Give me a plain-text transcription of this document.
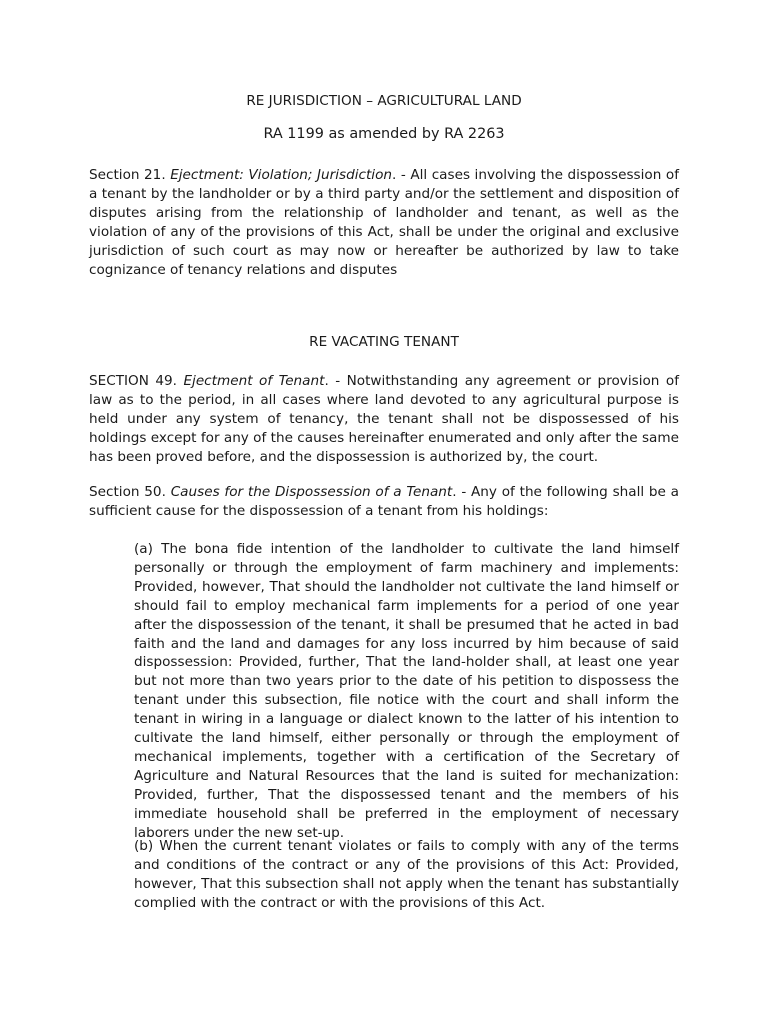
RE JURISDICTION – AGRICULTURAL LAND
RA 1199 as amended by RA 2263

Section 21. Ejectment: Violation; Jurisdiction. - All cases involving the dispossession of a tenant by the landholder or by a third party and/or the settlement and disposition of disputes arising from the relationship of landholder and tenant, as well as the violation of any of the provisions of this Act, shall be under the original and exclusive jurisdiction of such court as may now or hereafter be authorized by law to take cognizance of tenancy relations and disputes

RE VACATING TENANT

SECTION 49. Ejectment of Tenant. - Notwithstanding any agreement or provision of law as to the period, in all cases where land devoted to any agricultural purpose is held under any system of tenancy, the tenant shall not be dispossessed of his holdings except for any of the causes hereinafter enumerated and only after the same has been proved before, and the dispossession is authorized by, the court.

Section 50. Causes for the Dispossession of a Tenant. - Any of the following shall be a sufficient cause for the dispossession of a tenant from his holdings:

(a) The bona fide intention of the landholder to cultivate the land himself personally or through the employment of farm machinery and implements: Provided, however, That should the landholder not cultivate the land himself or should fail to employ mechanical farm implements for a period of one year after the dispossession of the tenant, it shall be presumed that he acted in bad faith and the land and damages for any loss incurred by him because of said dispossession: Provided, further, That the land-holder shall, at least one year but not more than two years prior to the date of his petition to dispossess the tenant under this subsection, file notice with the court and shall inform the tenant in wiring in a language or dialect known to the latter of his intention to cultivate the land himself, either personally or through the employment of mechanical implements, together with a certification of the Secretary of Agriculture and Natural Resources that the land is suited for mechanization: Provided, further, That the dispossessed tenant and the members of his immediate household shall be preferred in the employment of necessary laborers under the new set-up.

(b) When the current tenant violates or fails to comply with any of the terms and conditions of the contract or any of the provisions of this Act: Provided, however, That this subsection shall not apply when the tenant has substantially complied with the contract or with the provisions of this Act.
